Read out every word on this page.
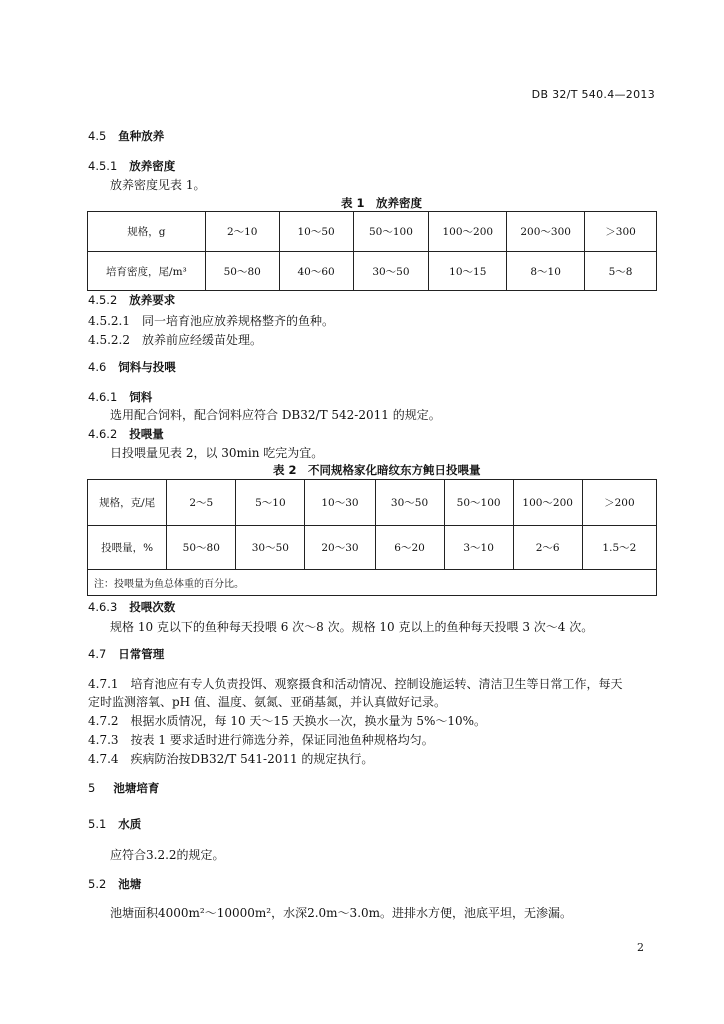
DB 32/T 540.4—2013
4.5 鱼种放养
4.5.1 放养密度
放养密度见表 1。
表 1　放养密度
规格，g	2～10	10～50	50～100	100～200	200～300	＞300
培育密度，尾/m³	50～80	40～60	30～50	10～15	8～10	5～8
4.5.2 放养要求
4.5.2.1　同一培育池应放养规格整齐的鱼种。
4.5.2.2　放养前应经缓苗处理。
4.6 饲料与投喂
4.6.1 饲料
选用配合饲料，配合饲料应符合 DB32/T 542-2011 的规定。
4.6.2 投喂量
日投喂量见表 2，以 30min 吃完为宜。
表 2　不同规格家化暗纹东方鲀日投喂量
规格，克/尾	2～5	5～10	10～30	30～50	50～100	100～200	＞200
投喂量，%	50～80	30～50	20～30	6～20	3～10	2～6	1.5～2
注：投喂量为鱼总体重的百分比。							
4.6.3 投喂次数
规格 10 克以下的鱼种每天投喂 6 次～8 次。规格 10 克以上的鱼种每天投喂 3 次～4 次。
4.7 日常管理
4.7.1　培育池应有专人负责投饵、观察摄食和活动情况、控制设施运转、清洁卫生等日常工作，每天
定时监测溶氧、pH 值、温度、氨氮、亚硝基氮，并认真做好记录。
4.7.2　根据水质情况，每 10 天～15 天换水一次，换水量为 5%～10%。
4.7.3　按表 1 要求适时进行筛选分养，保证同池鱼种规格均匀。
4.7.4　疾病防治按DB32/T 541-2011 的规定执行。
5 池塘培育
5.1 水质
应符合3.2.2的规定。
5.2 池塘
池塘面积4000m²～10000m²，水深2.0m～3.0m。进排水方便，池底平坦，无渗漏。
2
